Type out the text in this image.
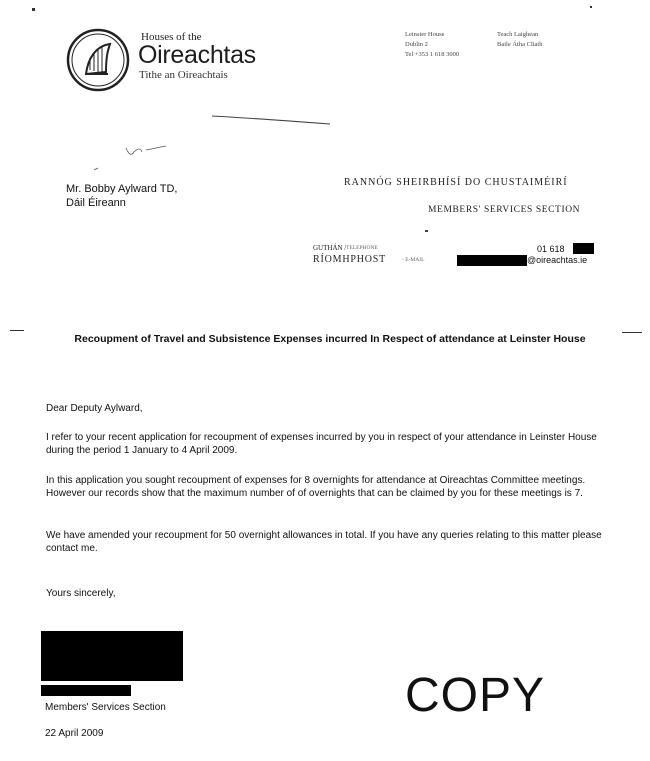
Houses of the
Oireachtas
Tithe an Oireachtais
Leinster House
Dublin 2
Tel +353 1 618 3000
Teach Laighean
Baile Átha Cliath
Mr. Bobby Aylward TD,
Dáil Éireann
RANNÓG SHEIRBHÍSÍ DO CHUSTAIMÉIRÍ
MEMBERS' SERVICES SECTION
GUTHÁN / TELEPHONE
RÍOMHPHOST	- E-MAIL
01 618
@oireachtas.ie
Recoupment of Travel and Subsistence Expenses incurred In Respect of attendance at Leinster House
Dear Deputy Aylward,
I refer to your recent application for recoupment of expenses incurred by you in respect of your attendance in Leinster House during the period 1 January to 4 April 2009.
In this application you sought recoupment of expenses for 8 overnights for attendance at Oireachtas Committee meetings. However our records show that the maximum number of of overnights that can be claimed by you for these meetings is 7.
We have amended your recoupment for 50 overnight allowances in total. If you have any queries relating to this matter please contact me.
Yours sincerely,
Members' Services Section
22 April 2009
COPY
